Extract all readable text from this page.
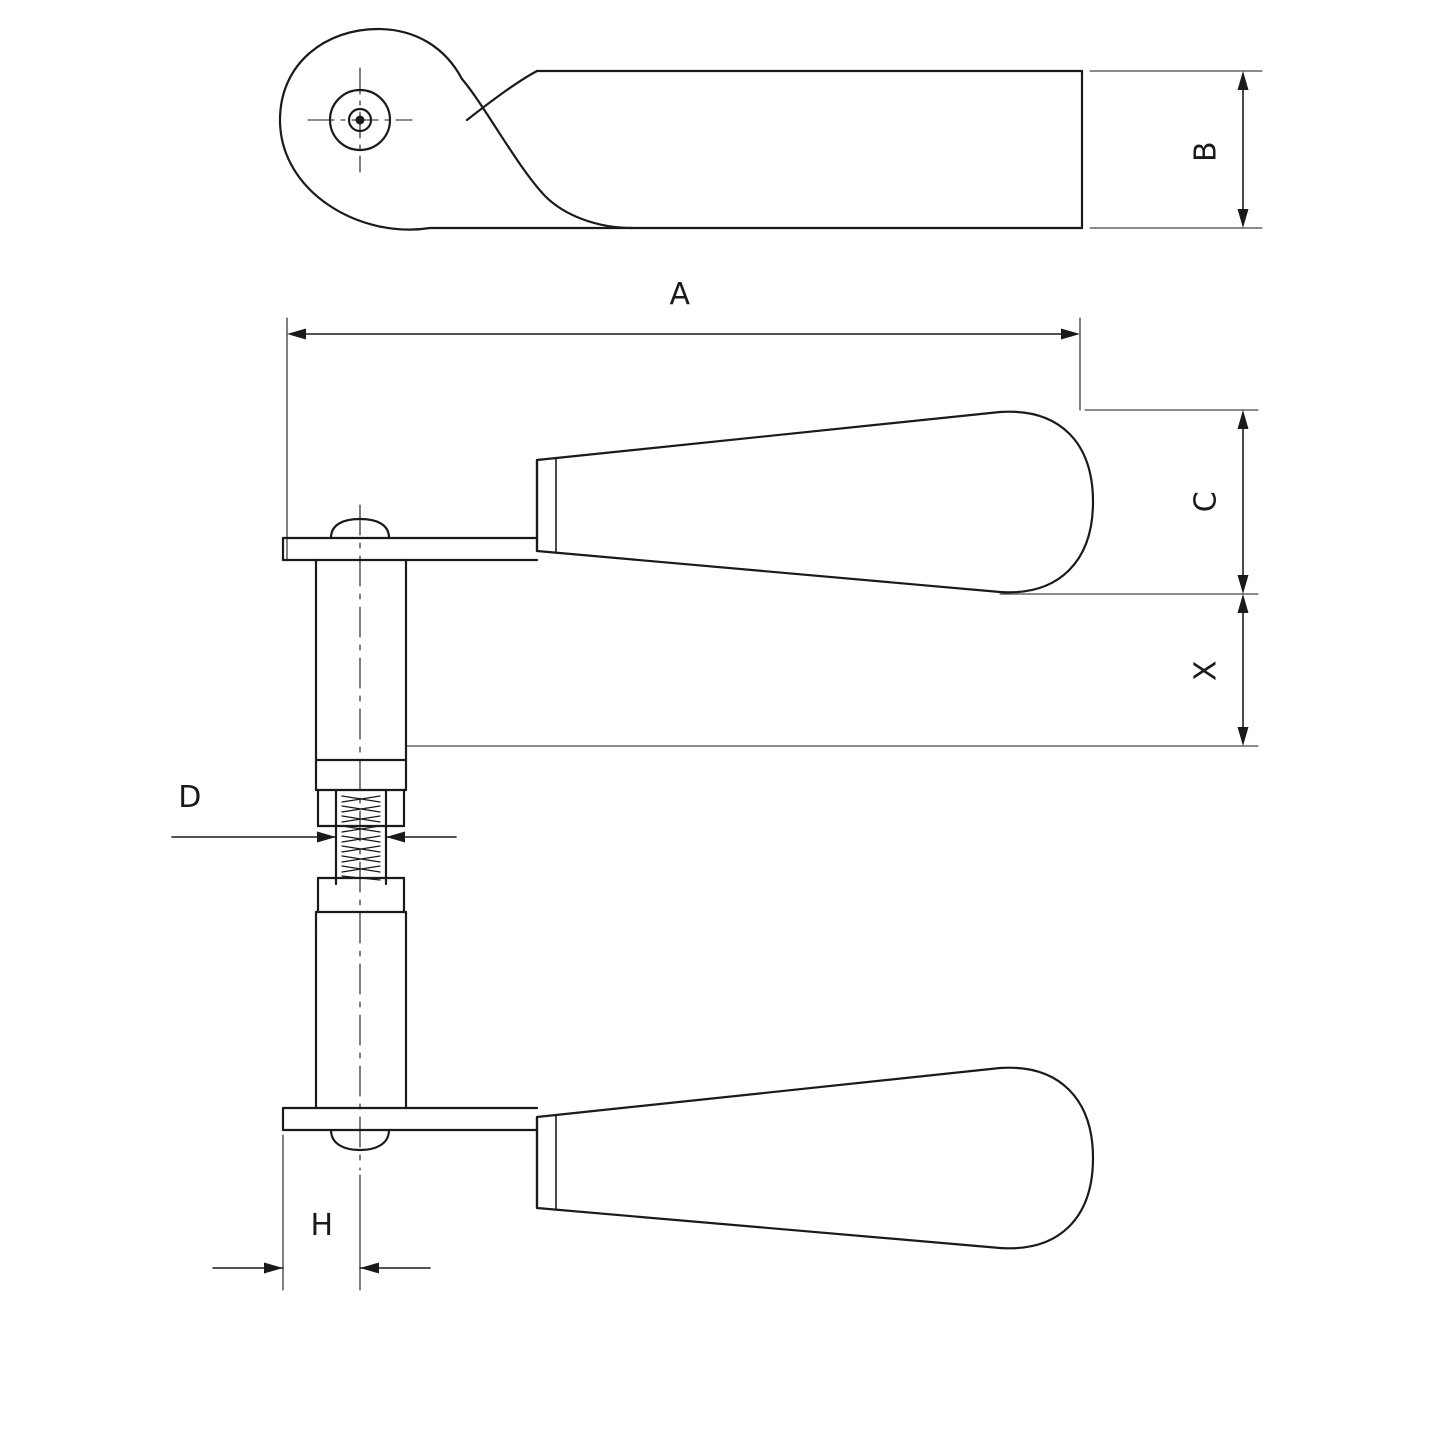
B
A
C
X
D
H
